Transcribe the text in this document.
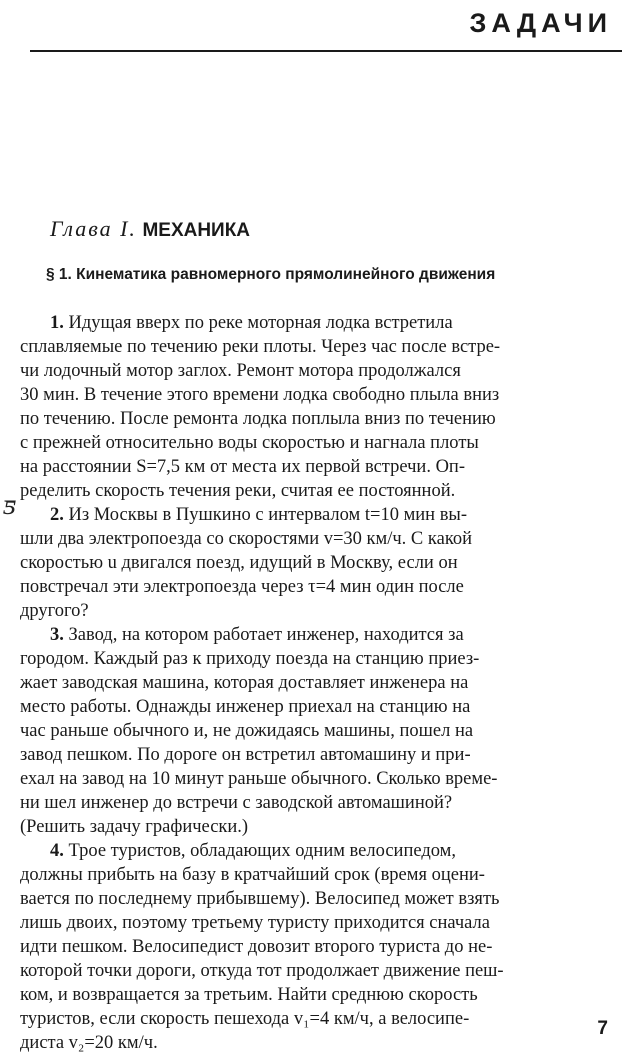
ЗАДАЧИ
Глава I. МЕХАНИКА
§ 1. Кинематика равномерного прямолинейного движения
ƽ
1. Идущая вверх по реке моторная лодка встретила
сплавляемые по течению реки плоты. Через час после встре-
чи лодочный мотор заглох. Ремонт мотора продолжался
30 мин. В течение этого времени лодка свободно плыла вниз
по течению. После ремонта лодка поплыла вниз по течению
с прежней относительно воды скоростью и нагнала плоты
на расстоянии S=7,5 км от места их первой встречи. Оп-
ределить скорость течения реки, считая ее постоянной.
2. Из Москвы в Пушкино с интервалом t=10 мин вы-
шли два электропоезда со скоростями v=30 км/ч. С какой
скоростью u двигался поезд, идущий в Москву, если он
повстречал эти электропоезда через τ=4 мин один после
другого?
3. Завод, на котором работает инженер, находится за
городом. Каждый раз к приходу поезда на станцию приез-
жает заводская машина, которая доставляет инженера на
место работы. Однажды инженер приехал на станцию на
час раньше обычного и, не дожидаясь машины, пошел на
завод пешком. По дороге он встретил автомашину и при-
ехал на завод на 10 минут раньше обычного. Сколько време-
ни шел инженер до встречи с заводской автомашиной?
(Решить задачу графически.)
4. Трое туристов, обладающих одним велосипедом,
должны прибыть на базу в кратчайший срок (время оцени-
вается по последнему прибывшему). Велосипед может взять
лишь двоих, поэтому третьему туристу приходится сначала
идти пешком. Велосипедист довозит второго туриста до не-
которой точки дороги, откуда тот продолжает движение пеш-
ком, и возвращается за третьим. Найти среднюю скорость
туристов, если скорость пешехода v₁=4 км/ч, а велосипе-
диста v₂=20 км/ч.
7
